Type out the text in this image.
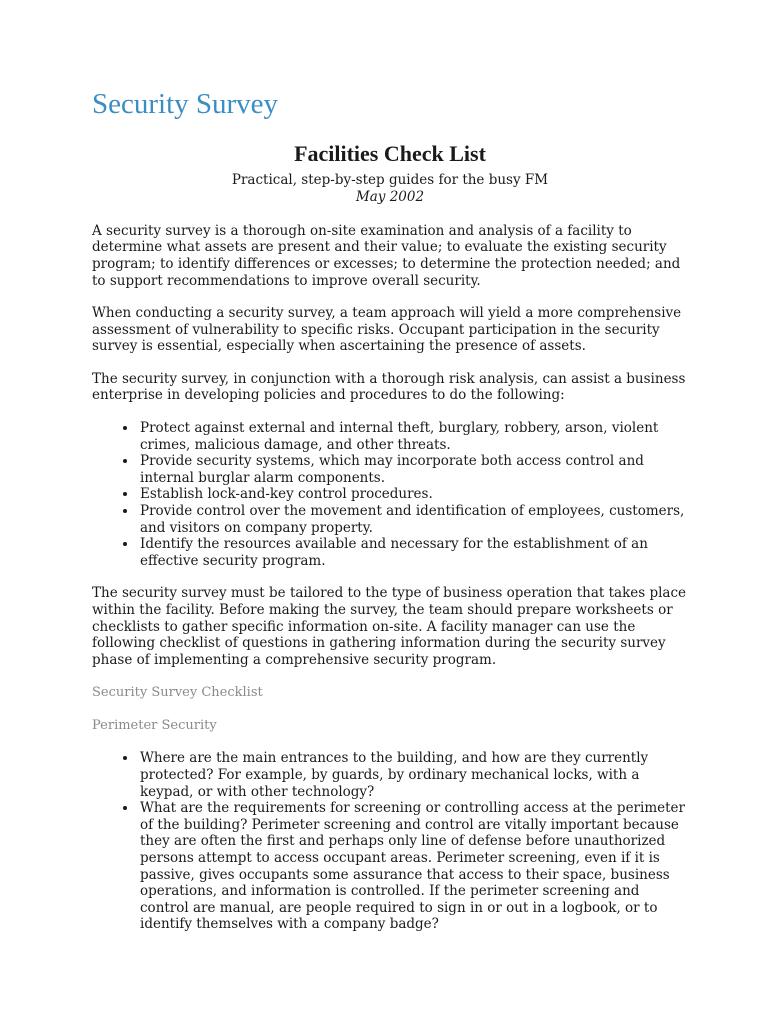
Security Survey
Facilities Check List
Practical, step-by-step guides for the busy FM
May 2002

A security survey is a thorough on-site examination and analysis of a facility to determine what assets are present and their value; to evaluate the existing security program; to identify differences or excesses; to determine the protection needed; and to support recommendations to improve overall security.

When conducting a security survey, a team approach will yield a more comprehensive assessment of vulnerability to specific risks. Occupant participation in the security survey is essential, especially when ascertaining the presence of assets.

The security survey, in conjunction with a thorough risk analysis, can assist a business enterprise in developing policies and procedures to do the following:

• Protect against external and internal theft, burglary, robbery, arson, violent crimes, malicious damage, and other threats.
• Provide security systems, which may incorporate both access control and internal burglar alarm components.
• Establish lock-and-key control procedures.
• Provide control over the movement and identification of employees, customers, and visitors on company property.
• Identify the resources available and necessary for the establishment of an effective security program.

The security survey must be tailored to the type of business operation that takes place within the facility. Before making the survey, the team should prepare worksheets or checklists to gather specific information on-site. A facility manager can use the following checklist of questions in gathering information during the security survey phase of implementing a comprehensive security program.

Security Survey Checklist
Perimeter Security
• Where are the main entrances to the building, and how are they currently protected? For example, by guards, by ordinary mechanical locks, with a keypad, or with other technology?
• What are the requirements for screening or controlling access at the perimeter of the building? Perimeter screening and control are vitally important because they are often the first and perhaps only line of defense before unauthorized persons attempt to access occupant areas. Perimeter screening, even if it is passive, gives occupants some assurance that access to their space, business operations, and information is controlled. If the perimeter screening and control are manual, are people required to sign in or out in a logbook, or to identify themselves with a company badge?
